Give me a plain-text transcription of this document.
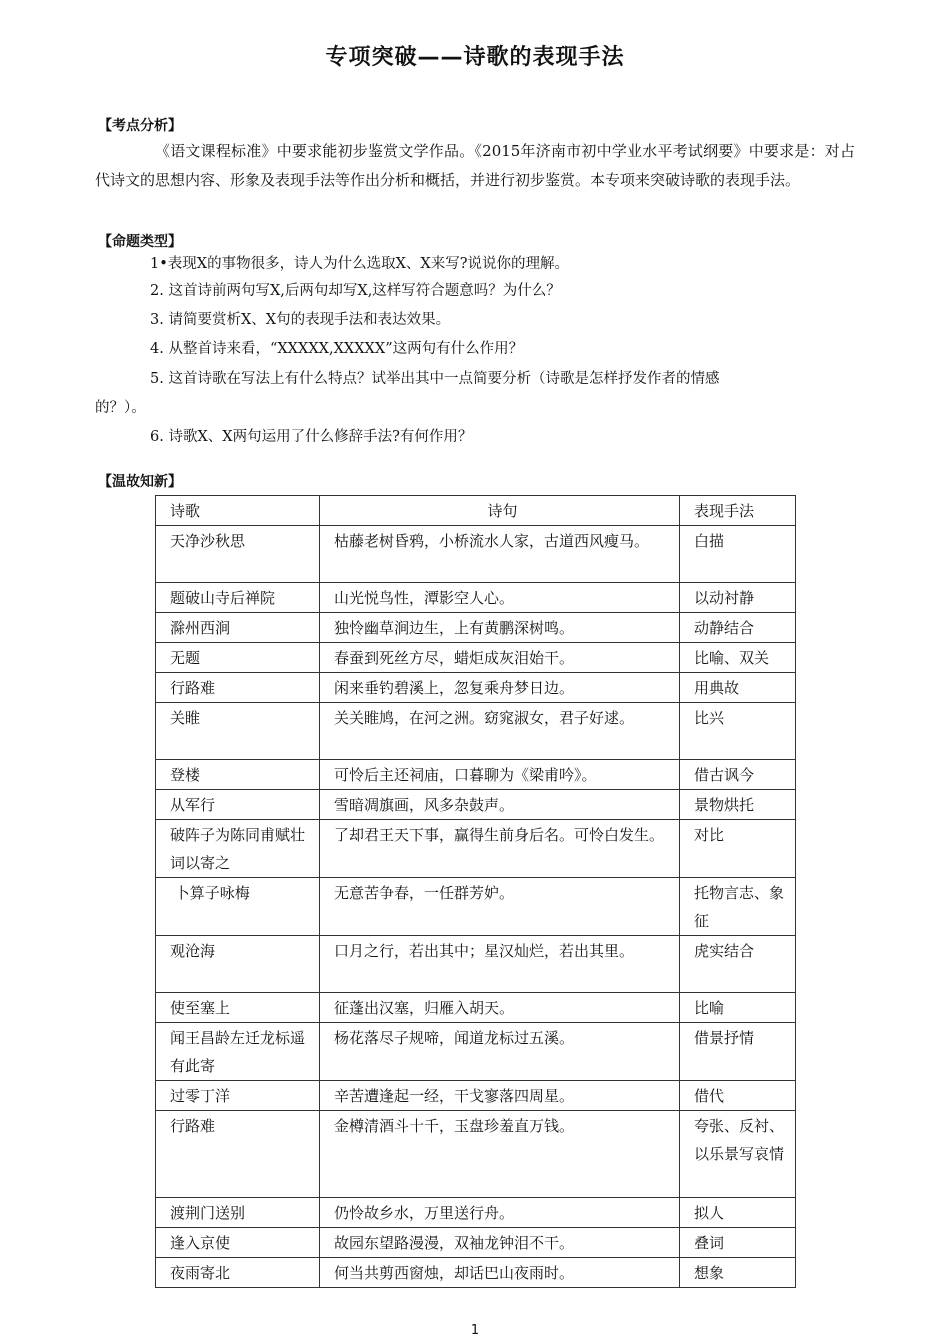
专项突破——诗歌的表现手法
【考点分析】
《语文课程标准》中要求能初步鉴赏文学作品。《2015年济南市初中学业水平考试纲要》中要求是：对占代诗文的思想内容、形象及表现手法等作出分析和概括，并进行初步鉴赏。本专项来突破诗歌的表现手法。
【命题类型】
1•表现X的事物很多，诗人为什么选取X、X来写?说说你的理解。
2. 这首诗前两句写X,后两句却写X,这样写符合题意吗？为什么？
3. 请简要赏析X、X句的表现手法和表达效果。
4. 从整首诗来看，“XXXXX,XXXXX”这两句有什么作用？
5. 这首诗歌在写法上有什么特点？试举出其中一点简要分析（诗歌是怎样抒发作者的情感
的？）。
6. 诗歌X、X两句运用了什么修辞手法?有何作用？
【温故知新】
诗歌	诗句	表现手法
天净沙秋思	枯藤老树昏鸦，小桥流水人家，古道西风瘦马。	白描
题破山寺后禅院	山光悦鸟性，潭影空人心。	以动衬静
滁州西涧	独怜幽草涧边生，上有黄鹏深树鸣。	动静结合
无题	春蚕到死丝方尽，蜡炬成灰泪始干。	比喻、双关
行路难	闲来垂钓碧溪上，忽复乘舟梦日边。	用典故
关睢	关关睢鸠，在河之洲。窈窕淑女，君子好逑。	比兴
登楼	可怜后主还祠庙，口暮聊为《梁甫吟》。	借古讽今
从军行	雪暗凋旗画，风多杂鼓声。	景物烘托
破阵子为陈同甫赋壮词以寄之	了却君王天下事，赢得生前身后名。可怜白发生。	对比
卜算子咏梅	无意苦争春，一任群芳妒。	托物言志、象征
观沧海	口月之行，若出其中；星汉灿烂，若出其里。	虎实结合
使至塞上	征蓬出汉塞，归雁入胡天。	比喻
闻王昌龄左迁龙标遥有此寄	杨花落尽子规啼，闻道龙标过五溪。	借景抒情
过零丁洋	辛苦遭逢起一经，干戈寥落四周星。	借代
行路难	金樽清酒斗十千，玉盘珍羞直万钱。	夸张、反衬、以乐景写哀情
渡荆门送别	仍怜故乡水，万里送行舟。	拟人
逢入京使	故园东望路漫漫，双袖龙钟泪不干。	叠词
夜雨寄北	何当共剪西窗烛，却话巴山夜雨时。	想象
1
